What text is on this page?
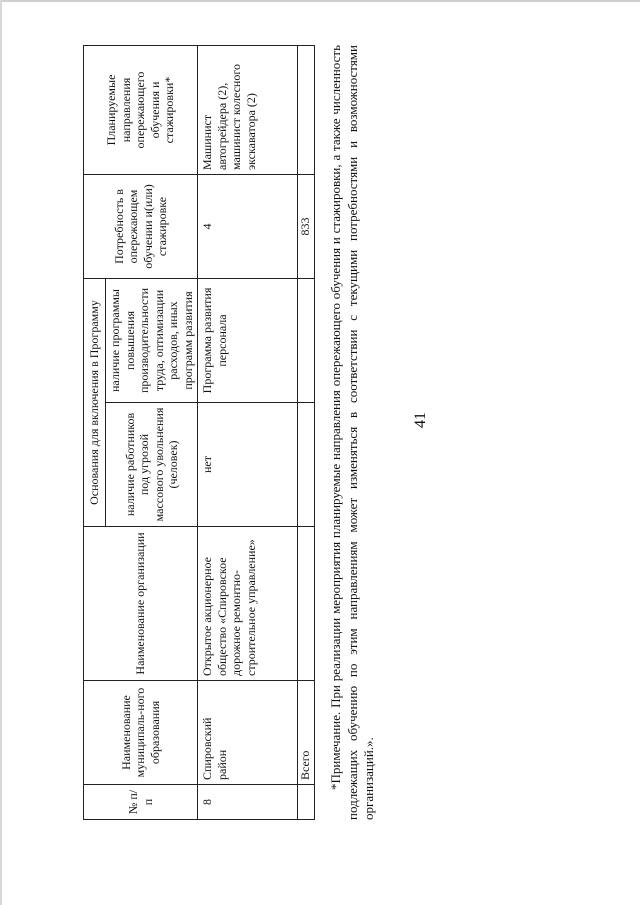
41
№ п/п	Наименование муниципаль-ного образования	Наименование организации	Основания для включения в Программу		Потребность в опережающем обучении и(или) стажировке	Планируемые направления опережающего обучения и стажировки*
			наличие работников под угрозой массового увольнения (человек)	наличие программы повышения производительности труда, оптимизации расходов, иных программ развития		
8	Спировский район	Открытое акционерное общество «Спировское дорожное ремонтно-строительное управление»	нет	Программа развития персонала	4	Машинист автогрейдера (2), машинист колесного экскаватора (2)
	Всего				833	*Примечание. При реализации мероприятия планируемые направления опережающего обучения и стажировки, а также численность подлежащих обучению по этим направлениям может изменяться в соответствии с текущими потребностями и возможностями организаций.».
